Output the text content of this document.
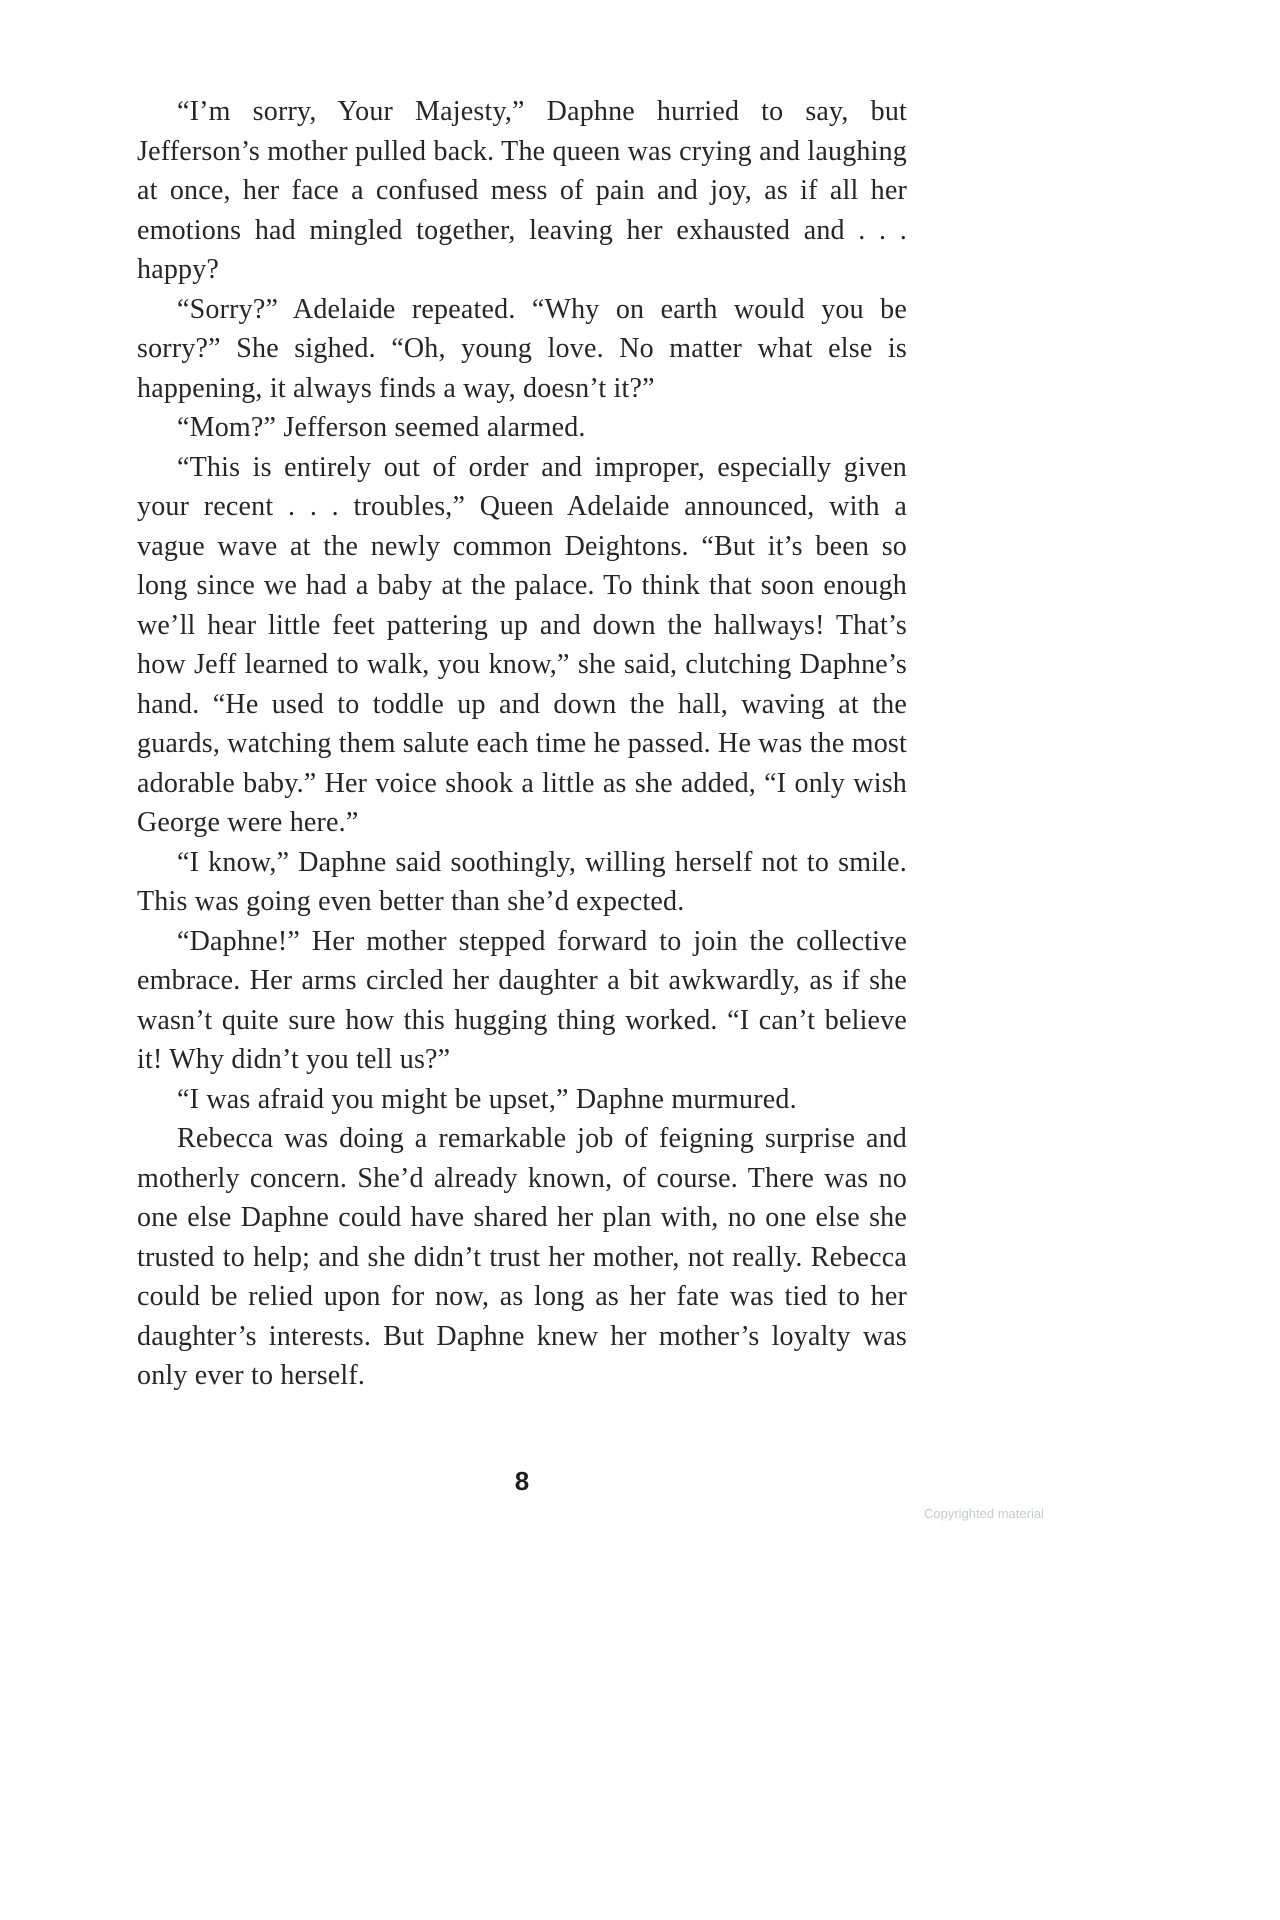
“I’m sorry, Your Majesty,” Daphne hurried to say, but Jefferson’s mother pulled back. The queen was crying and laughing at once, her face a confused mess of pain and joy, as if all her emotions had mingled together, leaving her exhausted and . . . happy?

“Sorry?” Adelaide repeated. “Why on earth would you be sorry?” She sighed. “Oh, young love. No matter what else is happening, it always finds a way, doesn’t it?”

“Mom?” Jefferson seemed alarmed.

“This is entirely out of order and improper, especially given your recent . . . troubles,” Queen Adelaide announced, with a vague wave at the newly common Deightons. “But it’s been so long since we had a baby at the palace. To think that soon enough we’ll hear little feet pattering up and down the hallways! That’s how Jeff learned to walk, you know,” she said, clutching Daphne’s hand. “He used to toddle up and down the hall, waving at the guards, watching them salute each time he passed. He was the most adorable baby.” Her voice shook a little as she added, “I only wish George were here.”

“I know,” Daphne said soothingly, willing herself not to smile. This was going even better than she’d expected.

“Daphne!” Her mother stepped forward to join the collective embrace. Her arms circled her daughter a bit awkwardly, as if she wasn’t quite sure how this hugging thing worked. “I can’t believe it! Why didn’t you tell us?”

“I was afraid you might be upset,” Daphne murmured.

Rebecca was doing a remarkable job of feigning surprise and motherly concern. She’d already known, of course. There was no one else Daphne could have shared her plan with, no one else she trusted to help; and she didn’t trust her mother, not really. Rebecca could be relied upon for now, as long as her fate was tied to her daughter’s interests. But Daphne knew her mother’s loyalty was only ever to herself.

8
Copyrighted material
